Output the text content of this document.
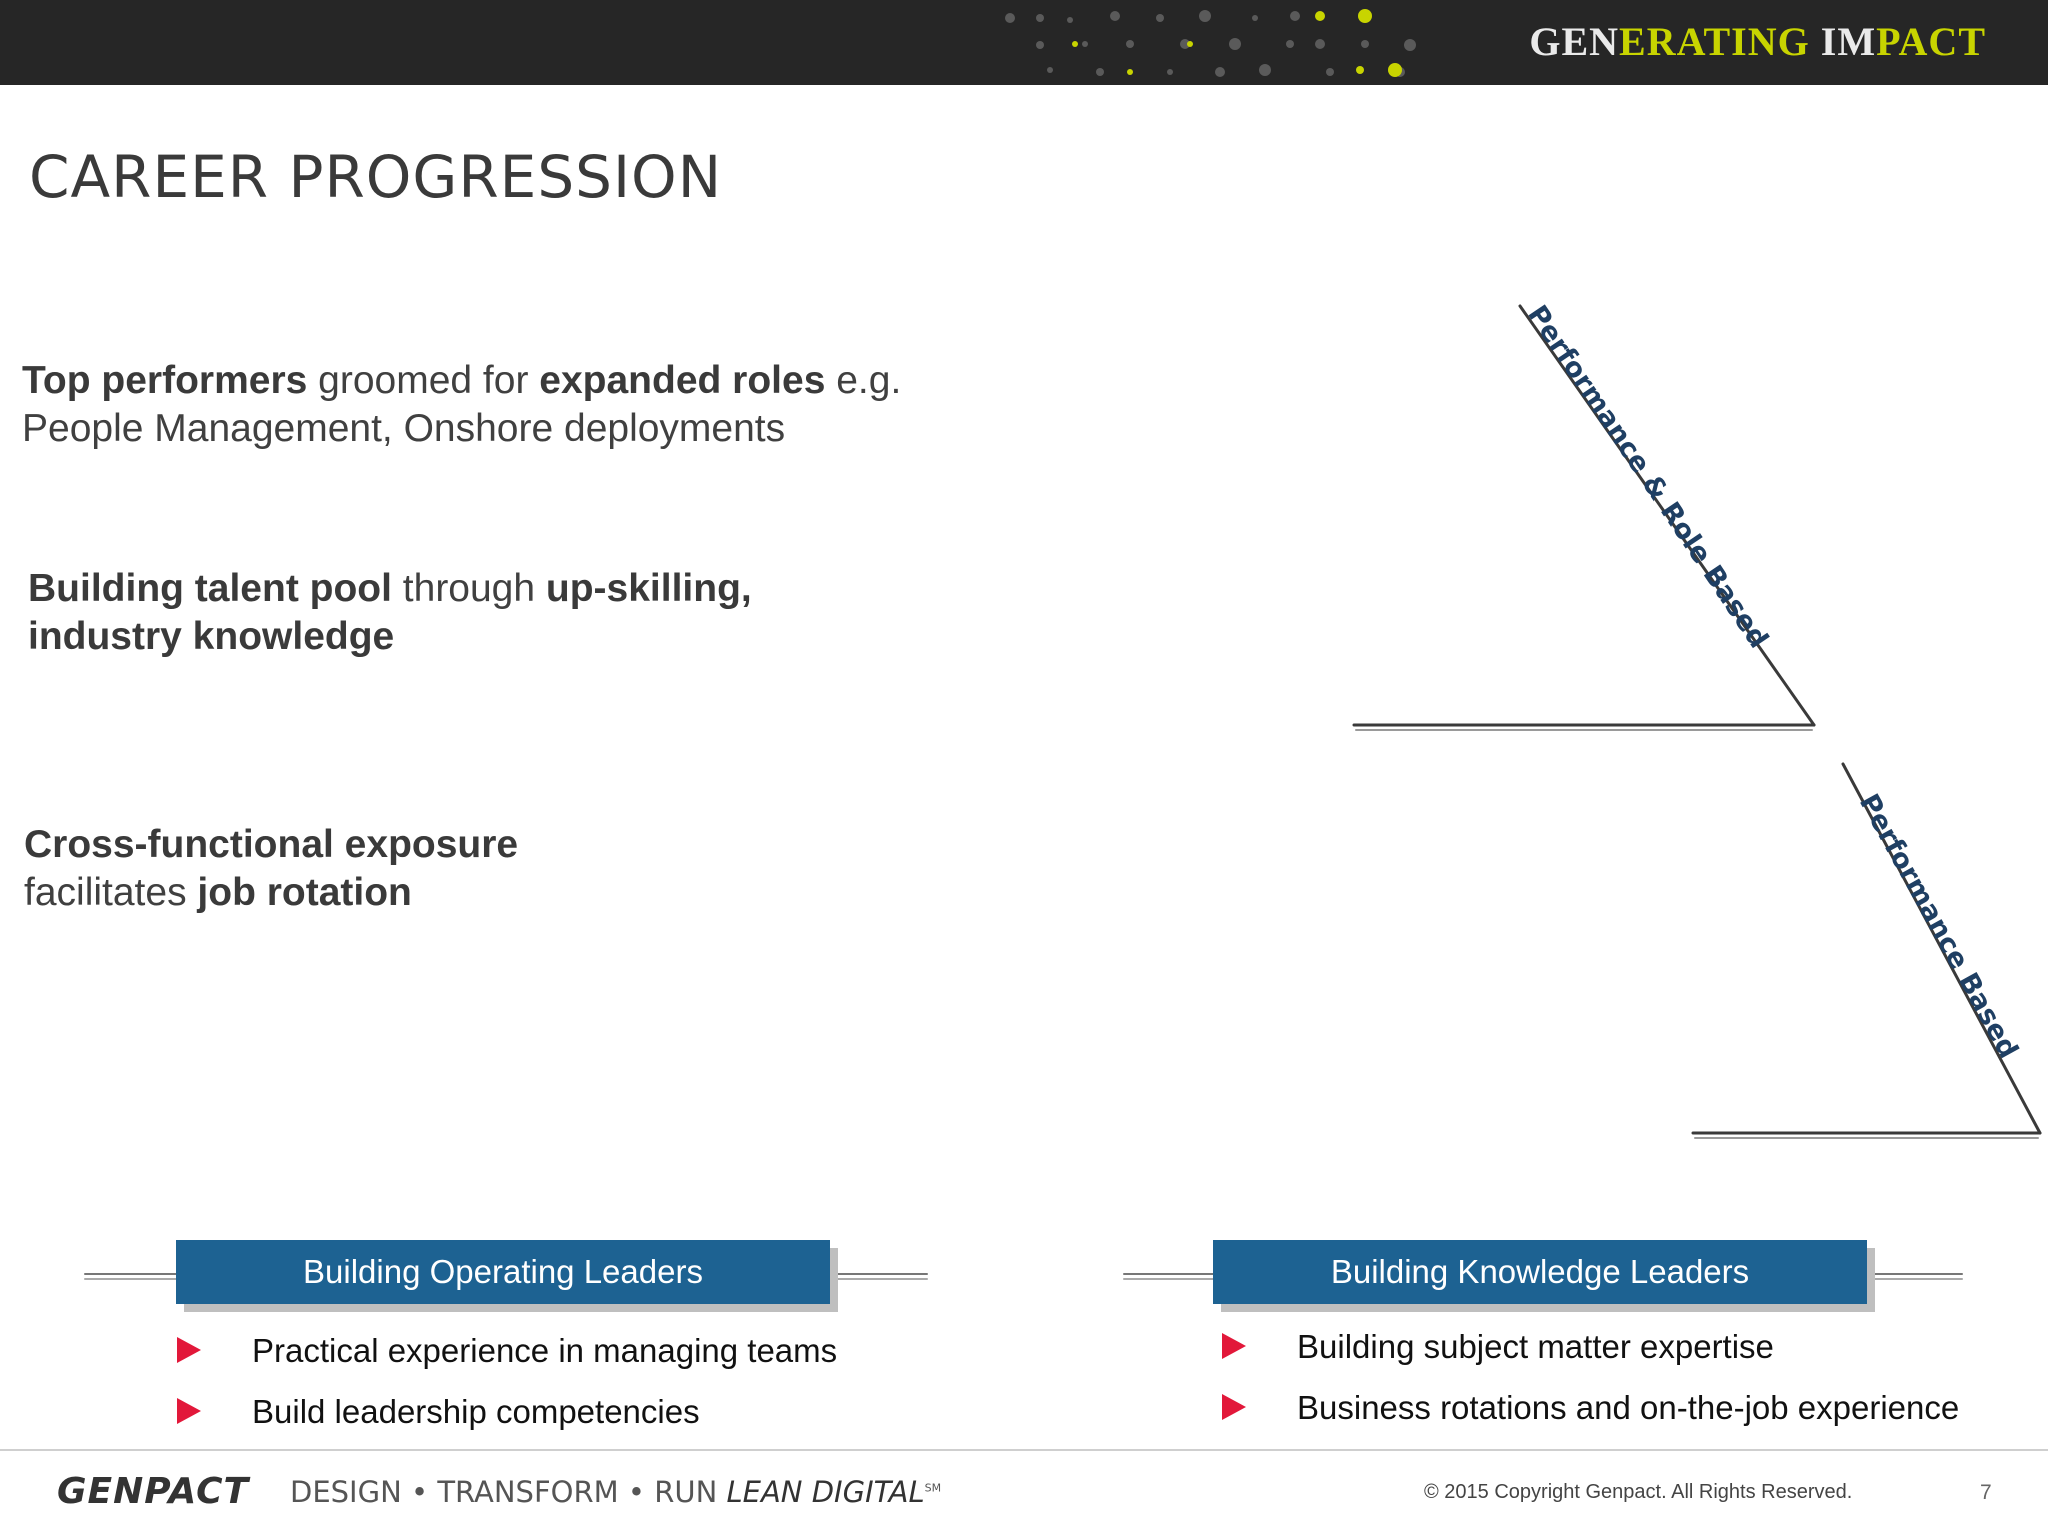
GENERATING IMPACT
CAREER PROGRESSION
Top performers groomed for expanded roles e.g.
People Management, Onshore deployments
Building talent pool through up-skilling,
industry knowledge
Cross-functional exposure
facilitates job rotation
Performance & Role Based
Performance Based
Building Operating Leaders	Building Knowledge Leaders
Practical experience in managing teams
Build leadership competencies
Building subject matter expertise
Business rotations and on-the-job experience
GENPACT DESIGN • TRANSFORM • RUN LEAN DIGITAL℠	© 2015 Copyright Genpact. All Rights Reserved.	7
